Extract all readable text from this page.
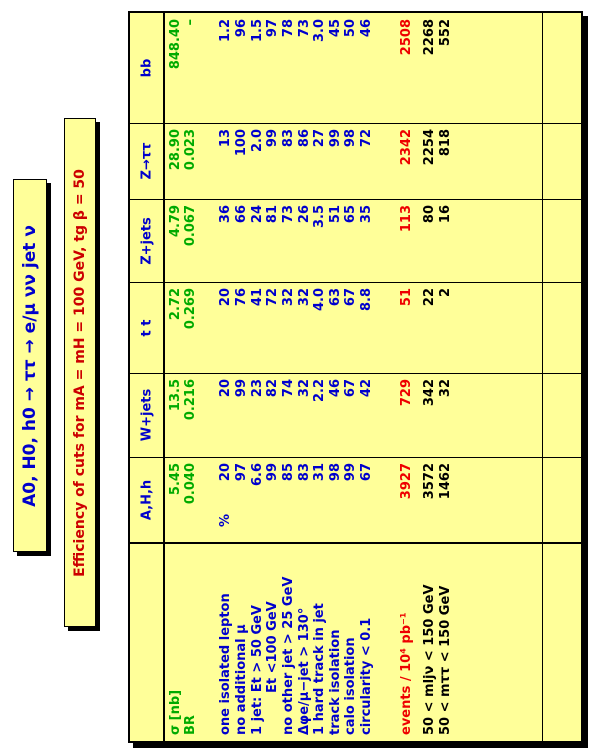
A0, H0, h0 → ττ → e/μ νν jet ν Efficiency of cuts for mA = mH = 100 GeV, tg β = 50	A,H,h
W+jets
t t
Z+jets
Z→ττ
bb
5.45
13.5
2.72
4.79
28.90
848.40
σ [nb]
0.040
0.216
0.269
0.067
0.023
–
BR
20
20
20
36
13
1.2
%
one isolated lepton
97
99
76
66
100
96
no additional μ
6.6
23
41
24
2.0
1.5
1 jet: Et > 50 GeV
99
82
72
81
99
97
Et <100 GeV
85
74
32
73
83
78
no other jet > 25 GeV
83
32
32
26
86
73
Δφe/μ−jet > 130°
31
2.2
4.0
3.5
27
3.0
1 hard track in jet
98
46
63
51
99
45
track isolation
99
67
67
65
98
50
calo isolation
67
42
8.8
35
72
46
circularity < 0.1
3927
729
51
113
2342
2508
events / 10⁴ pb⁻¹
3572
342
22
80
2254
2268
50 < mljν < 150 GeV
1462
32
2
16
818
552
50 < mττ < 150 GeV
